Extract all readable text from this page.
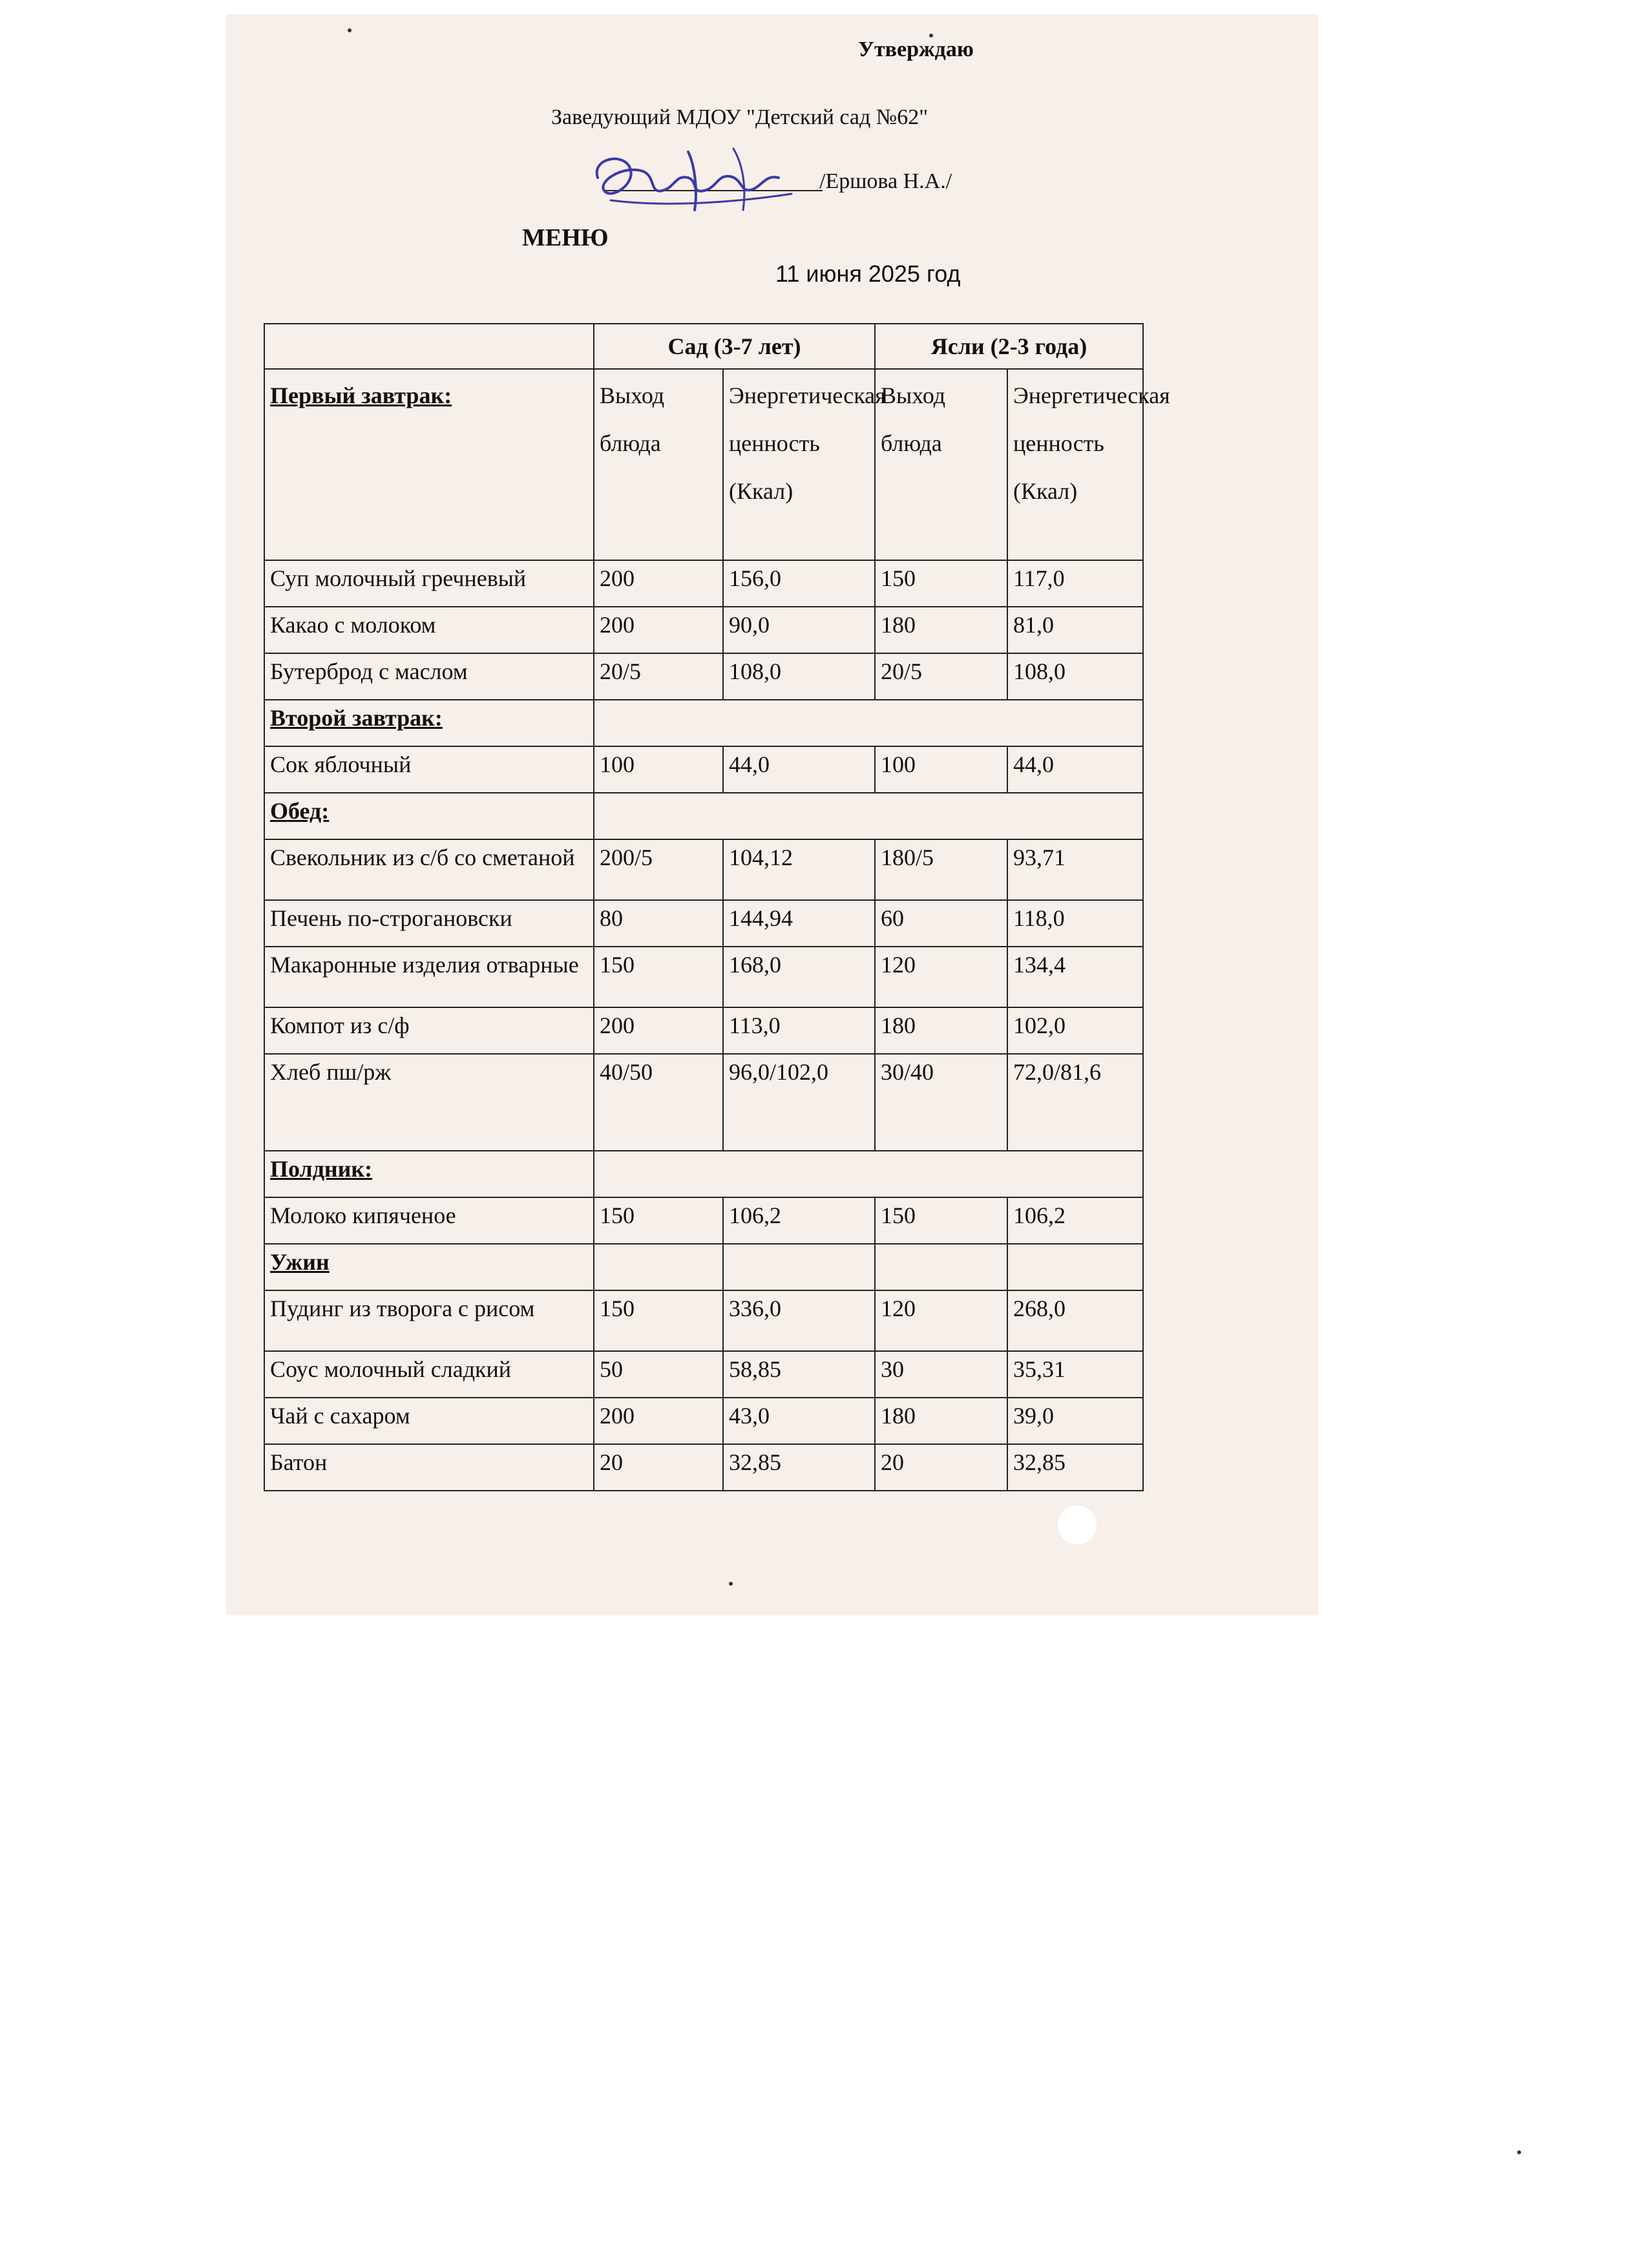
Утверждаю
Заведующий МДОУ "Детский сад №62"
/Ершова Н.А./
МЕНЮ
11 июня 2025 год
	Сад (3-7 лет)		Ясли (2-3 года)	
Первый завтрак:	Выход блюда	Энергетическая ценность (Ккал)	Выход блюда	Энергетическая ценность (Ккал)
Суп молочный гречневый	200	156,0	150	117,0
Какао с молоком	200	90,0	180	81,0
Бутерброд с маслом	20/5	108,0	20/5	108,0
Второй завтрак:				
Сок яблочный	100	44,0	100	44,0
Обед:				
Свекольник из с/б со сметаной	200/5	104,12	180/5	93,71
Печень по-строгановски	80	144,94	60	118,0
Макаронные изделия отварные	150	168,0	120	134,4
Компот из с/ф	200	113,0	180	102,0
Хлеб пш/рж	40/50	96,0/102,0	30/40	72,0/81,6
Полдник:				
Молоко кипяченое	150	106,2	150	106,2
Ужин				
Пудинг из творога с рисом	150	336,0	120	268,0
Соус молочный сладкий	50	58,85	30	35,31
Чай с сахаром	200	43,0	180	39,0
Батон	20	32,85	20	32,85
